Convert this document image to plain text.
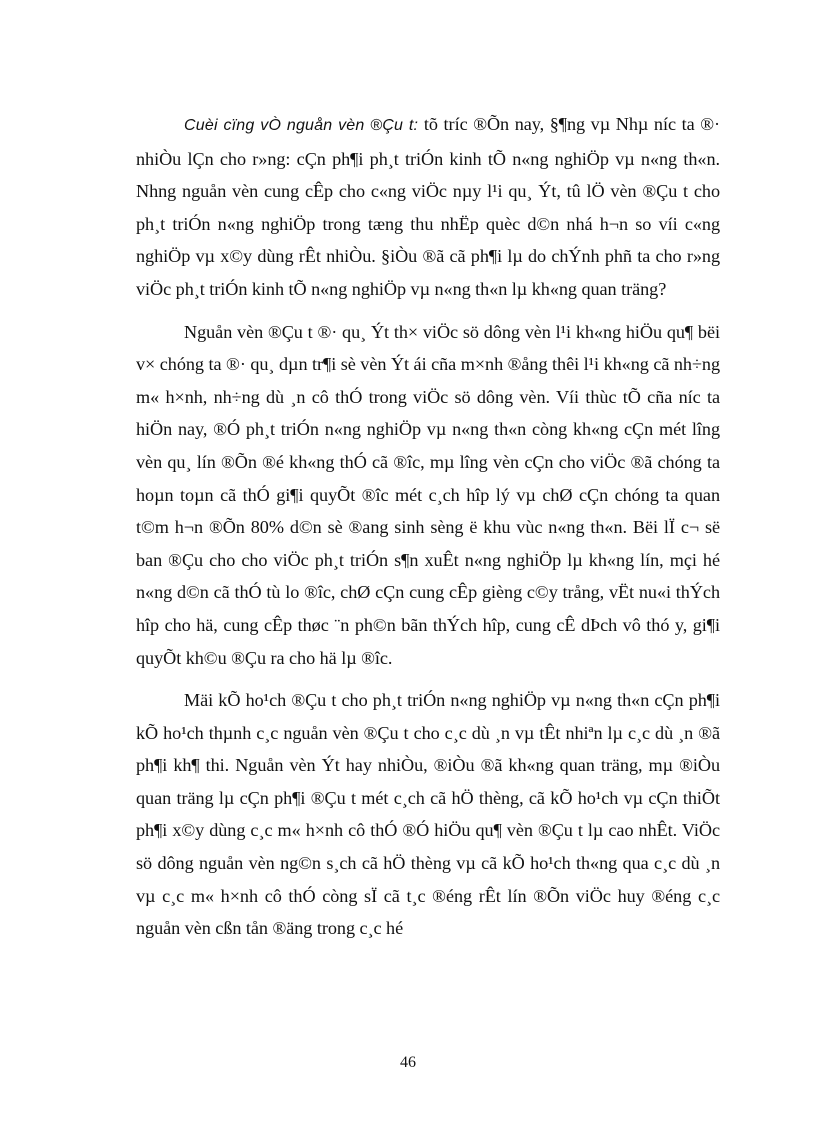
Cuèi cïng vÒ nguån vèn ®Çu t: tõ tríc ®Õn nay, §¶ng vµ Nhµ níc ta ®· nhiÒu lÇn cho r»ng: cÇn ph¶i ph¸t triÓn kinh tÕ n«ng nghiÖp vµ n«ng th«n. Nhng nguån vèn cung cÊp cho c«ng viÖc nµy l¹i qu¸ Ýt, tû lÖ vèn ®Çu t cho ph¸t triÓn n«ng nghiÖp trong tæng thu nhËp quèc d©n nhá h¬n so víi c«ng nghiÖp vµ x©y dùng rÊt nhiÒu. §iÒu ®ã cã ph¶i lµ do chÝnh phñ ta cho r»ng viÖc ph¸t triÓn kinh tÕ n«ng nghiÖp vµ n«ng th«n lµ kh«ng quan träng?

Nguån vèn ®Çu t ®· qu¸ Ýt th× viÖc sö dông vèn l¹i kh«ng hiÖu qu¶ bëi v× chóng ta ®· qu¸ dµn tr¶i sè vèn Ýt ái cña m×nh ®ång thêi l¹i kh«ng cã nh÷ng m« h×nh, nh÷ng dù ¸n cô thÓ trong viÖc sö dông vèn. Víi thùc tÕ cña níc ta hiÖn nay, ®Ó ph¸t triÓn n«ng nghiÖp vµ n«ng th«n còng kh«ng cÇn mét lîng vèn qu¸ lín ®Õn ®é kh«ng thÓ cã ®îc, mµ lîng vèn cÇn cho viÖc ®ã chóng ta hoµn toµn cã thÓ gi¶i quyÕt ®îc mét c¸ch hîp lý vµ chØ cÇn chóng ta quan t©m h¬n ®Õn 80% d©n sè ®ang sinh sèng ë khu vùc n«ng th«n. Bëi lÏ c¬ së ban ®Çu cho cho viÖc ph¸t triÓn s¶n xuÊt n«ng nghiÖp lµ kh«ng lín, mçi hé n«ng d©n cã thÓ tù lo ®îc, chØ cÇn cung cÊp gièng c©y trång, vËt nu«i thÝch hîp cho hä, cung cÊp thøc ¨n ph©n bãn thÝch hîp, cung cÊ dÞch vô thó y, gi¶i quyÕt kh©u ®Çu ra cho hä lµ ®îc.

Mäi kÕ ho¹ch ®Çu t cho ph¸t triÓn n«ng nghiÖp vµ n«ng th«n cÇn ph¶i kÕ ho¹ch thµnh c¸c nguån vèn ®Çu t cho c¸c dù ¸n vµ tÊt nhiªn lµ c¸c dù ¸n ®ã ph¶i kh¶ thi. Nguån vèn Ýt hay nhiÒu, ®iÒu ®ã kh«ng quan träng, mµ ®iÒu quan träng lµ cÇn ph¶i ®Çu t mét c¸ch cã hÖ thèng, cã kÕ ho¹ch vµ cÇn thiÕt ph¶i x©y dùng c¸c m« h×nh cô thÓ ®Ó hiÖu qu¶ vèn ®Çu t lµ cao nhÊt. ViÖc sö dông nguån vèn ng©n s¸ch cã hÖ thèng vµ cã kÕ ho¹ch th«ng qua c¸c dù ¸n vµ c¸c m« h×nh cô thÓ còng sÏ cã t¸c ®éng rÊt lín ®Õn viÖc huy ®éng c¸c nguån vèn cßn tån ®äng trong c¸c hé

46
